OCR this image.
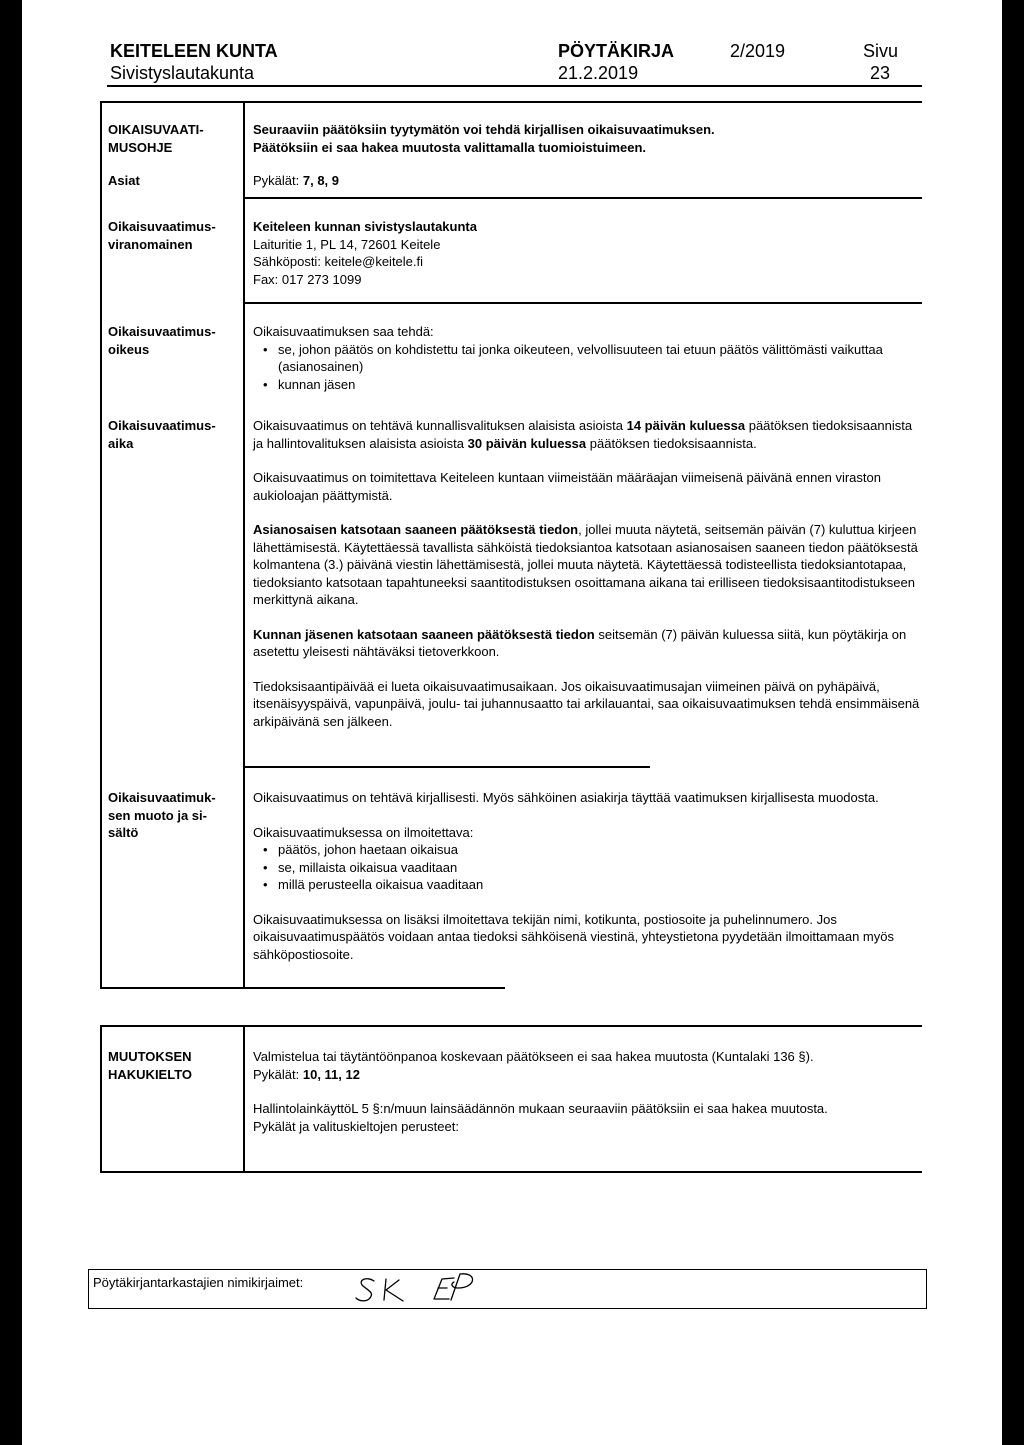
KEITELEEN KUNTA
Sivistyslautakunta
PÖYTÄKIRJA
21.2.2019
2/2019	Sivu
23
OIKAISUVAATI-
MUSOHJE
Seuraaviin päätöksiin tyytymätön voi tehdä kirjallisen oikaisuvaatimuksen.
Päätöksiin ei saa hakea muutosta valittamalla tuomioistuimeen.
Asiat	Pykälät: 7, 8, 9
Oikaisuvaatimus-
viranomainen
Keiteleen kunnan sivistyslautakunta
Laituritie 1, PL 14, 72601 Keitele
Sähköposti: keitele@keitele.fi
Fax: 017 273 1099
Oikaisuvaatimus-
oikeus

Oikaisuvaatimuksen saa tehdä:

• se, johon päätös on kohdistettu tai jonka oikeuteen, velvollisuuteen tai etuun päätös välittömästi vaikuttaa (asianosainen)
• kunnan jäsen
Oikaisuvaatimus-
aika

Oikaisuvaatimus on tehtävä kunnallisvalituksen alaisista asioista 14 päivän kuluessa päätöksen tiedoksisaannista ja hallintovalituksen alaisista asioista 30 päivän kuluessa päätöksen tiedoksisaannista.

Oikaisuvaatimus on toimitettava Keiteleen kuntaan viimeistään määräajan viimeisenä päivänä ennen viraston aukioloajan päättymistä.

Asianosaisen katsotaan saaneen päätöksestä tiedon, jollei muuta näytetä, seitsemän päivän (7) kuluttua kirjeen lähettämisestä. Käytettäessä tavallista sähköistä tiedoksiantoa katsotaan asianosaisen saaneen tiedon päätöksestä kolmantena (3.) päivänä viestin lähettämisestä, jollei muuta näytetä. Käytettäessä todisteellista tiedoksiantotapaa, tiedoksianto katsotaan tapahtuneeksi saantitodistuksen osoittamana aikana tai erilliseen tiedoksisaantitodistukseen merkittynä aikana.

Kunnan jäsenen katsotaan saaneen päätöksestä tiedon seitsemän (7) päivän kuluessa siitä, kun pöytäkirja on asetettu yleisesti nähtäväksi tietoverkkoon.

Tiedoksisaantipäivää ei lueta oikaisuvaatimusaikaan. Jos oikaisuvaatimusajan viimeinen päivä on pyhäpäivä, itsenäisyyspäivä, vapunpäivä, joulu- tai juhannusaatto tai arkilauantai, saa oikaisuvaatimuksen tehdä ensimmäisenä arkipäivänä sen jälkeen.

Oikaisuvaatimuk-
sen muoto ja si-
sältö

Oikaisuvaatimus on tehtävä kirjallisesti. Myös sähköinen asiakirja täyttää vaatimuksen kirjallisesta muodosta.

Oikaisuvaatimuksessa on ilmoitettava:

• päätös, johon haetaan oikaisua
• se, millaista oikaisua vaaditaan
• millä perusteella oikaisua vaaditaan

Oikaisuvaatimuksessa on lisäksi ilmoitettava tekijän nimi, kotikunta, postiosoite ja puhelinnumero. Jos oikaisuvaatimuspäätös voidaan antaa tiedoksi sähköisenä viestinä, yhteystietona pyydetään ilmoittamaan myös sähköpostiosoite.

MUUTOKSEN
HAKUKIELTO

Valmistelua tai täytäntöönpanoa koskevaan päätökseen ei saa hakea muutosta (Kuntalaki 136 §).

Pykälät: 10, 11, 12

HallintolainkäyttöL 5 §:n/muun lainsäädännön mukaan seuraaviin päätöksiin ei saa hakea muutosta.

Pykälät ja valituskieltojen perusteet:

Pöytäkirjantarkastajien nimikirjaimet:
